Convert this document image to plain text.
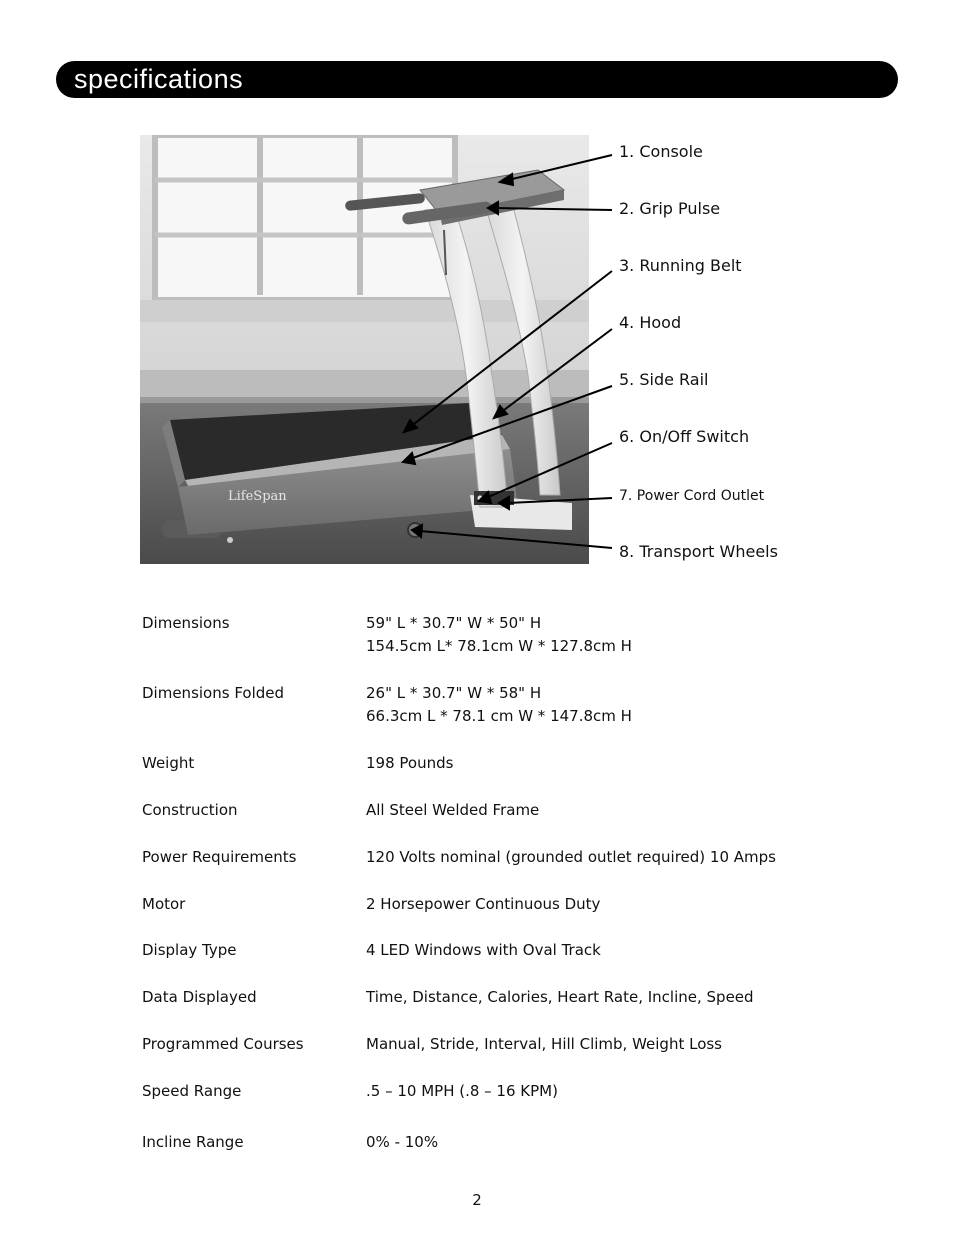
specifications
LifeSpan
1. Console
2. Grip Pulse
3. Running Belt
4. Hood
5. Side Rail
6. On/Off Switch
7. Power Cord Outlet
8. Transport Wheels
Dimensions	59" L * 30.7" W * 50" H
154.5cm L* 78.1cm W * 127.8cm H
Dimensions Folded	26" L * 30.7" W * 58" H
66.3cm L * 78.1 cm W * 147.8cm H
Weight	198 Pounds
Construction	All Steel Welded Frame
Power Requirements	120 Volts nominal (grounded outlet required) 10 Amps
Motor	2 Horsepower Continuous Duty
Display Type	4 LED Windows with Oval Track
Data Displayed	Time, Distance, Calories, Heart Rate, Incline, Speed
Programmed Courses	Manual, Stride, Interval, Hill Climb, Weight Loss
Speed Range	.5 – 10 MPH (.8 – 16 KPM)
Incline Range	0% - 10%
2
